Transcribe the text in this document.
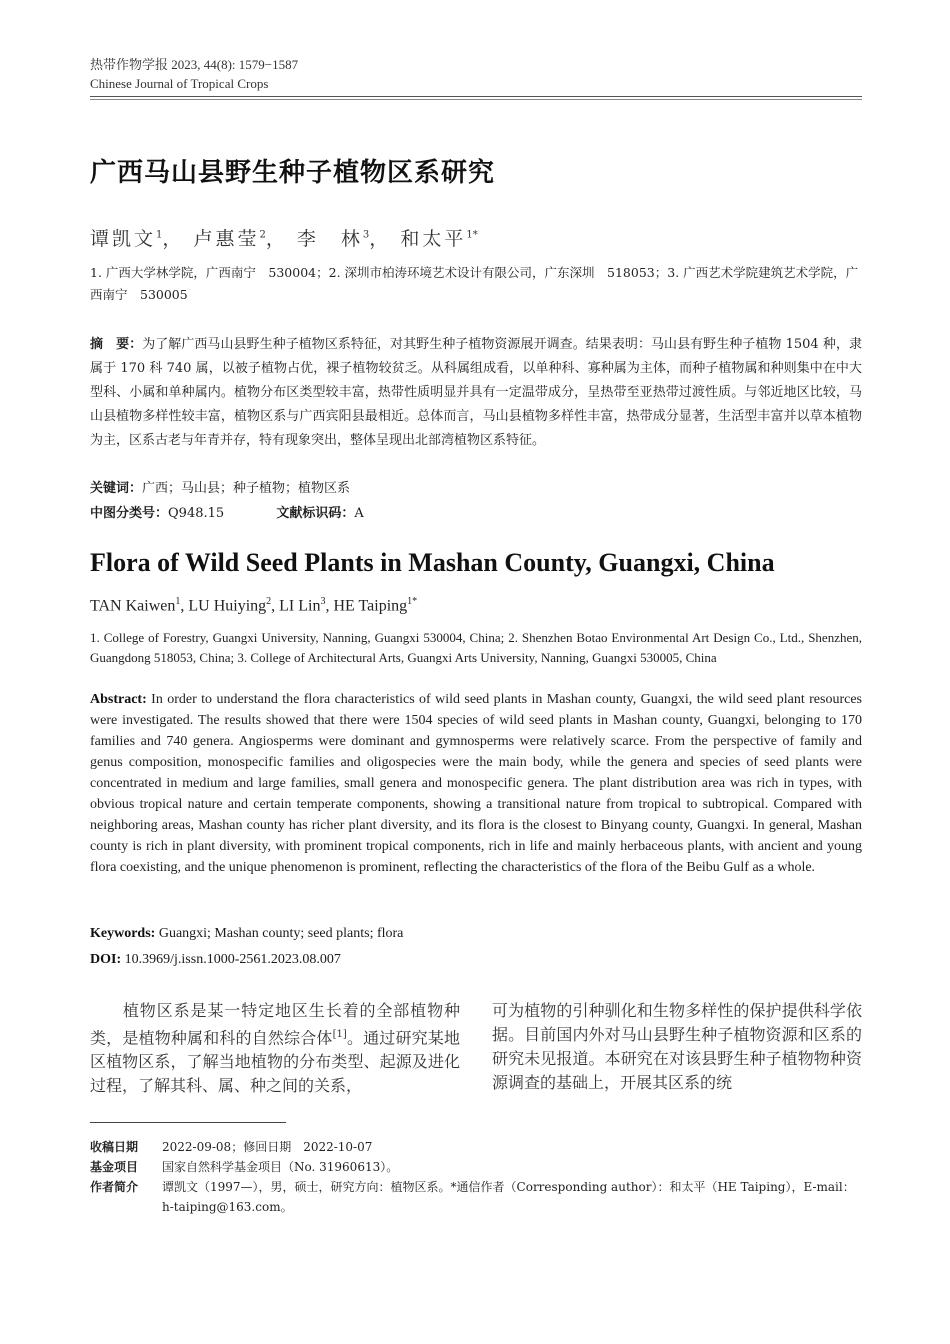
热带作物学报 2023, 44(8): 1579−1587
Chinese Journal of Tropical Crops
广西马山县野生种子植物区系研究
谭凯文$^1$， 卢惠莹$^2$， 李　林$^3$， 和太平$^{1*}$
1. 广西大学林学院，广西南宁　530004；2. 深圳市柏涛环境艺术设计有限公司，广东深圳　518053；3. 广西艺术学院建筑艺术学院，广西南宁　530005
摘　要：为了解广西马山县野生种子植物区系特征，对其野生种子植物资源展开调查。结果表明：马山县有野生种子植物 1504 种，隶属于 170 科 740 属，以被子植物占优，裸子植物较贫乏。从科属组成看，以单种科、寡种属为主体，而种子植物属和种则集中在中大型科、小属和单种属内。植物分布区类型较丰富，热带性质明显并具有一定温带成分，呈热带至亚热带过渡性质。与邻近地区比较，马山县植物多样性较丰富，植物区系与广西宾阳县最相近。总体而言，马山县植物多样性丰富，热带成分显著，生活型丰富并以草本植物为主，区系古老与年青并存，特有现象突出，整体呈现出北部湾植物区系特征。
关键词：广西；马山县；种子植物；植物区系
中图分类号：Q948.15	文献标识码：A
Flora of Wild Seed Plants in Mashan County, Guangxi, China
TAN Kaiwen$^1$, LU Huiying$^2$, LI Lin$^3$, HE Taiping$^{1*}$
1. College of Forestry, Guangxi University, Nanning, Guangxi 530004, China; 2. Shenzhen Botao Environmental Art Design Co., Ltd., Shenzhen, Guangdong 518053, China; 3. College of Architectural Arts, Guangxi Arts University, Nanning, Guangxi 530005, China
Abstract: In order to understand the flora characteristics of wild seed plants in Mashan county, Guangxi, the wild seed plant resources were investigated. The results showed that there were 1504 species of wild seed plants in Mashan county, Guangxi, belonging to 170 families and 740 genera. Angiosperms were dominant and gymnosperms were relatively scarce. From the perspective of family and genus composition, monospecific families and oligospecies were the main body, while the genera and species of seed plants were concentrated in medium and large families, small genera and monospecific genera. The plant distribution area was rich in types, with obvious tropical nature and certain temperate components, showing a transitional nature from tropical to subtropical. Compared with neighboring areas, Mashan county has richer plant diversity, and its flora is the closest to Binyang county, Guangxi. In general, Mashan county is rich in plant diversity, with prominent tropical components, rich in life and mainly herbaceous plants, with ancient and young flora coexisting, and the unique phenomenon is prominent, reflecting the characteristics of the flora of the Beibu Gulf as a whole.
Keywords: Guangxi; Mashan county; seed plants; flora
DOI: 10.3969/j.issn.1000-2561.2023.08.007
植物区系是某一特定地区生长着的全部植物种类，是植物种属和科的自然综合体[1]。通过研究某地区植物区系，了解当地植物的分布类型、起源及进化过程，了解其科、属、种之间的关系，
可为植物的引种驯化和生物多样性的保护提供科学依据。目前国内外对马山县野生种子植物资源和区系的研究未见报道。本研究在对该县野生种子植物物种资源调查的基础上，开展其区系的统
收稿日期	2022-09-08；修回日期　2022-10-07
基金项目	国家自然科学基金项目（No. 31960613）。
作者简介	谭凯文（1997—），男，硕士，研究方向：植物区系。*通信作者（Corresponding author）：和太平（HE Taiping），E-mail：h-taiping@163.com。
